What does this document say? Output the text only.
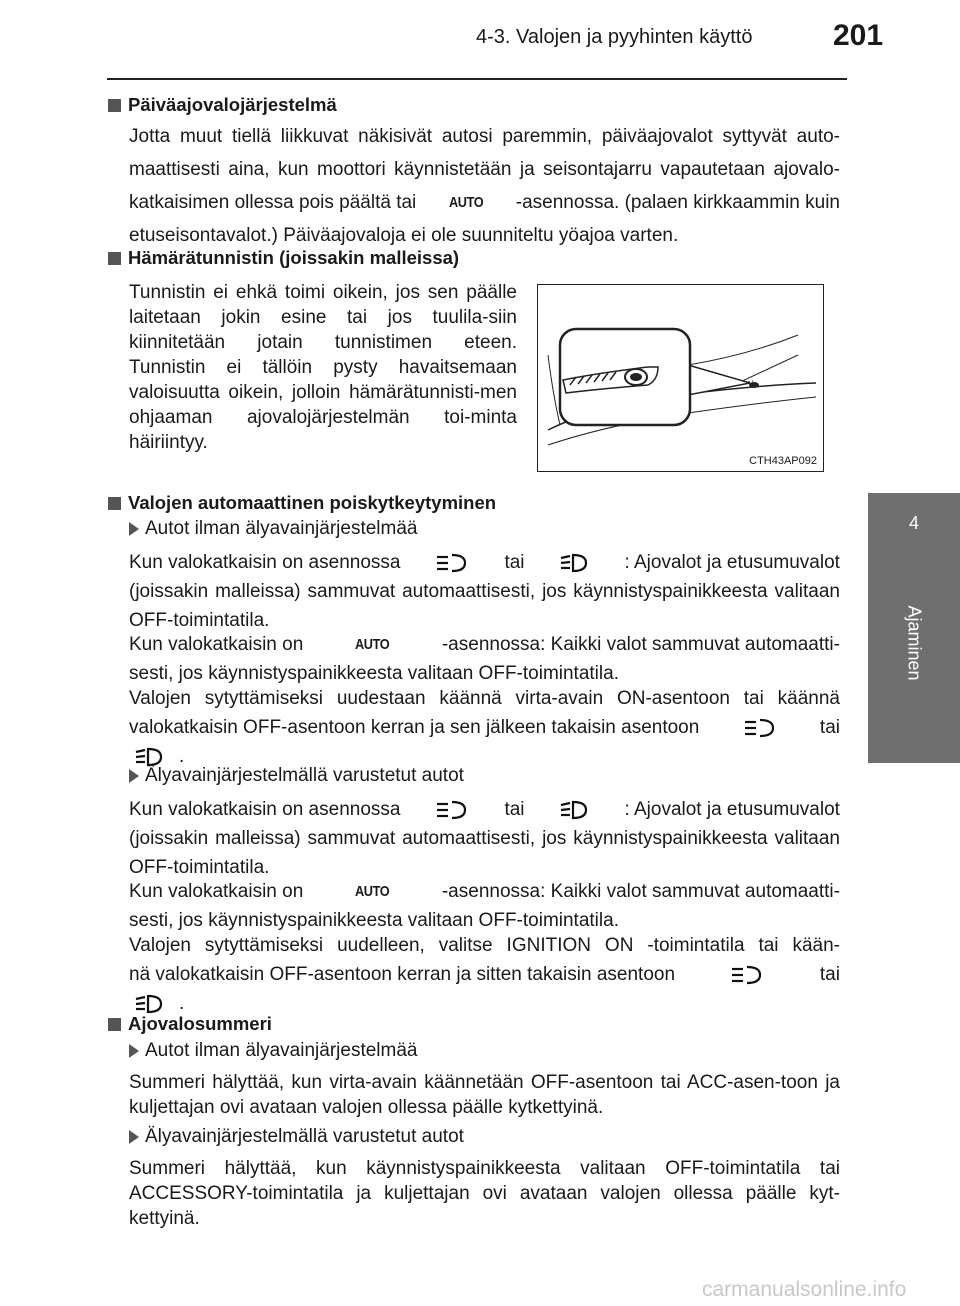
4-3. Valojen ja pyyhinten käyttö	201
4
Ajaminen
Päiväajovalojärjestelmä
Jotta muut tiellä liikkuvat näkisivät autosi paremmin, päiväajovalot syttyvät auto-
maattisesti aina, kun moottori käynnistetään ja seisontajarru vapautetaan ajovalo-
katkaisimen ollessa pois päältä tai AUTO -asennossa. (palaen kirkkaammin kuin
etuseisontavalot.) Päiväajovaloja ei ole suunniteltu yöajoa varten.
Hämärätunnistin (joissakin malleissa)
Tunnistin ei ehkä toimi oikein, jos sen päälle laitetaan jokin esine tai jos tuulila-siin kiinnitetään jotain tunnistimen eteen. Tunnistin ei tällöin pysty havaitsemaan valoisuutta oikein, jolloin hämärätunnisti-men ohjaaman ajovalojärjestelmän toi-minta häiriintyy.
CTH43AP092
Valojen automaattinen poiskytkeytyminen
Autot ilman älyavainjärjestelmää
Kun valokatkaisin on asennossa	tai	: Ajovalot ja etusumuvalot
(joissakin malleissa) sammuvat automaattisesti, jos käynnistyspainikkeesta valitaan OFF-toimintatila.
Kun valokatkaisin on	AUTO	-asennossa: Kaikki valot sammuvat automaatti-
sesti, jos käynnistyspainikkeesta valitaan OFF-toimintatila.
Valojen sytyttämiseksi uudestaan käännä virta-avain ON-asentoon tai käännä
valokatkaisin OFF-asentoon kerran ja sen jälkeen takaisin asentoon	tai
.
Älyavainjärjestelmällä varustetut autot
Kun valokatkaisin on asennossa	tai	: Ajovalot ja etusumuvalot
(joissakin malleissa) sammuvat automaattisesti, jos käynnistyspainikkeesta valitaan OFF-toimintatila.
Kun valokatkaisin on	AUTO	-asennossa: Kaikki valot sammuvat automaatti-
sesti, jos käynnistyspainikkeesta valitaan OFF-toimintatila.
Valojen sytyttämiseksi uudelleen, valitse IGNITION ON -toimintatila tai kään-
nä valokatkaisin OFF-asentoon kerran ja sitten takaisin asentoon	tai
.
Ajovalosummeri
Autot ilman älyavainjärjestelmää
Summeri hälyttää, kun virta-avain käännetään OFF-asentoon tai ACC-asen-toon ja kuljettajan ovi avataan valojen ollessa päälle kytkettyinä.
Älyavainjärjestelmällä varustetut autot
Summeri hälyttää, kun käynnistyspainikkeesta valitaan OFF-toimintatila tai ACCESSORY-toimintatila ja kuljettajan ovi avataan valojen ollessa päälle kyt-kettyinä.
carmanualsonline.info
